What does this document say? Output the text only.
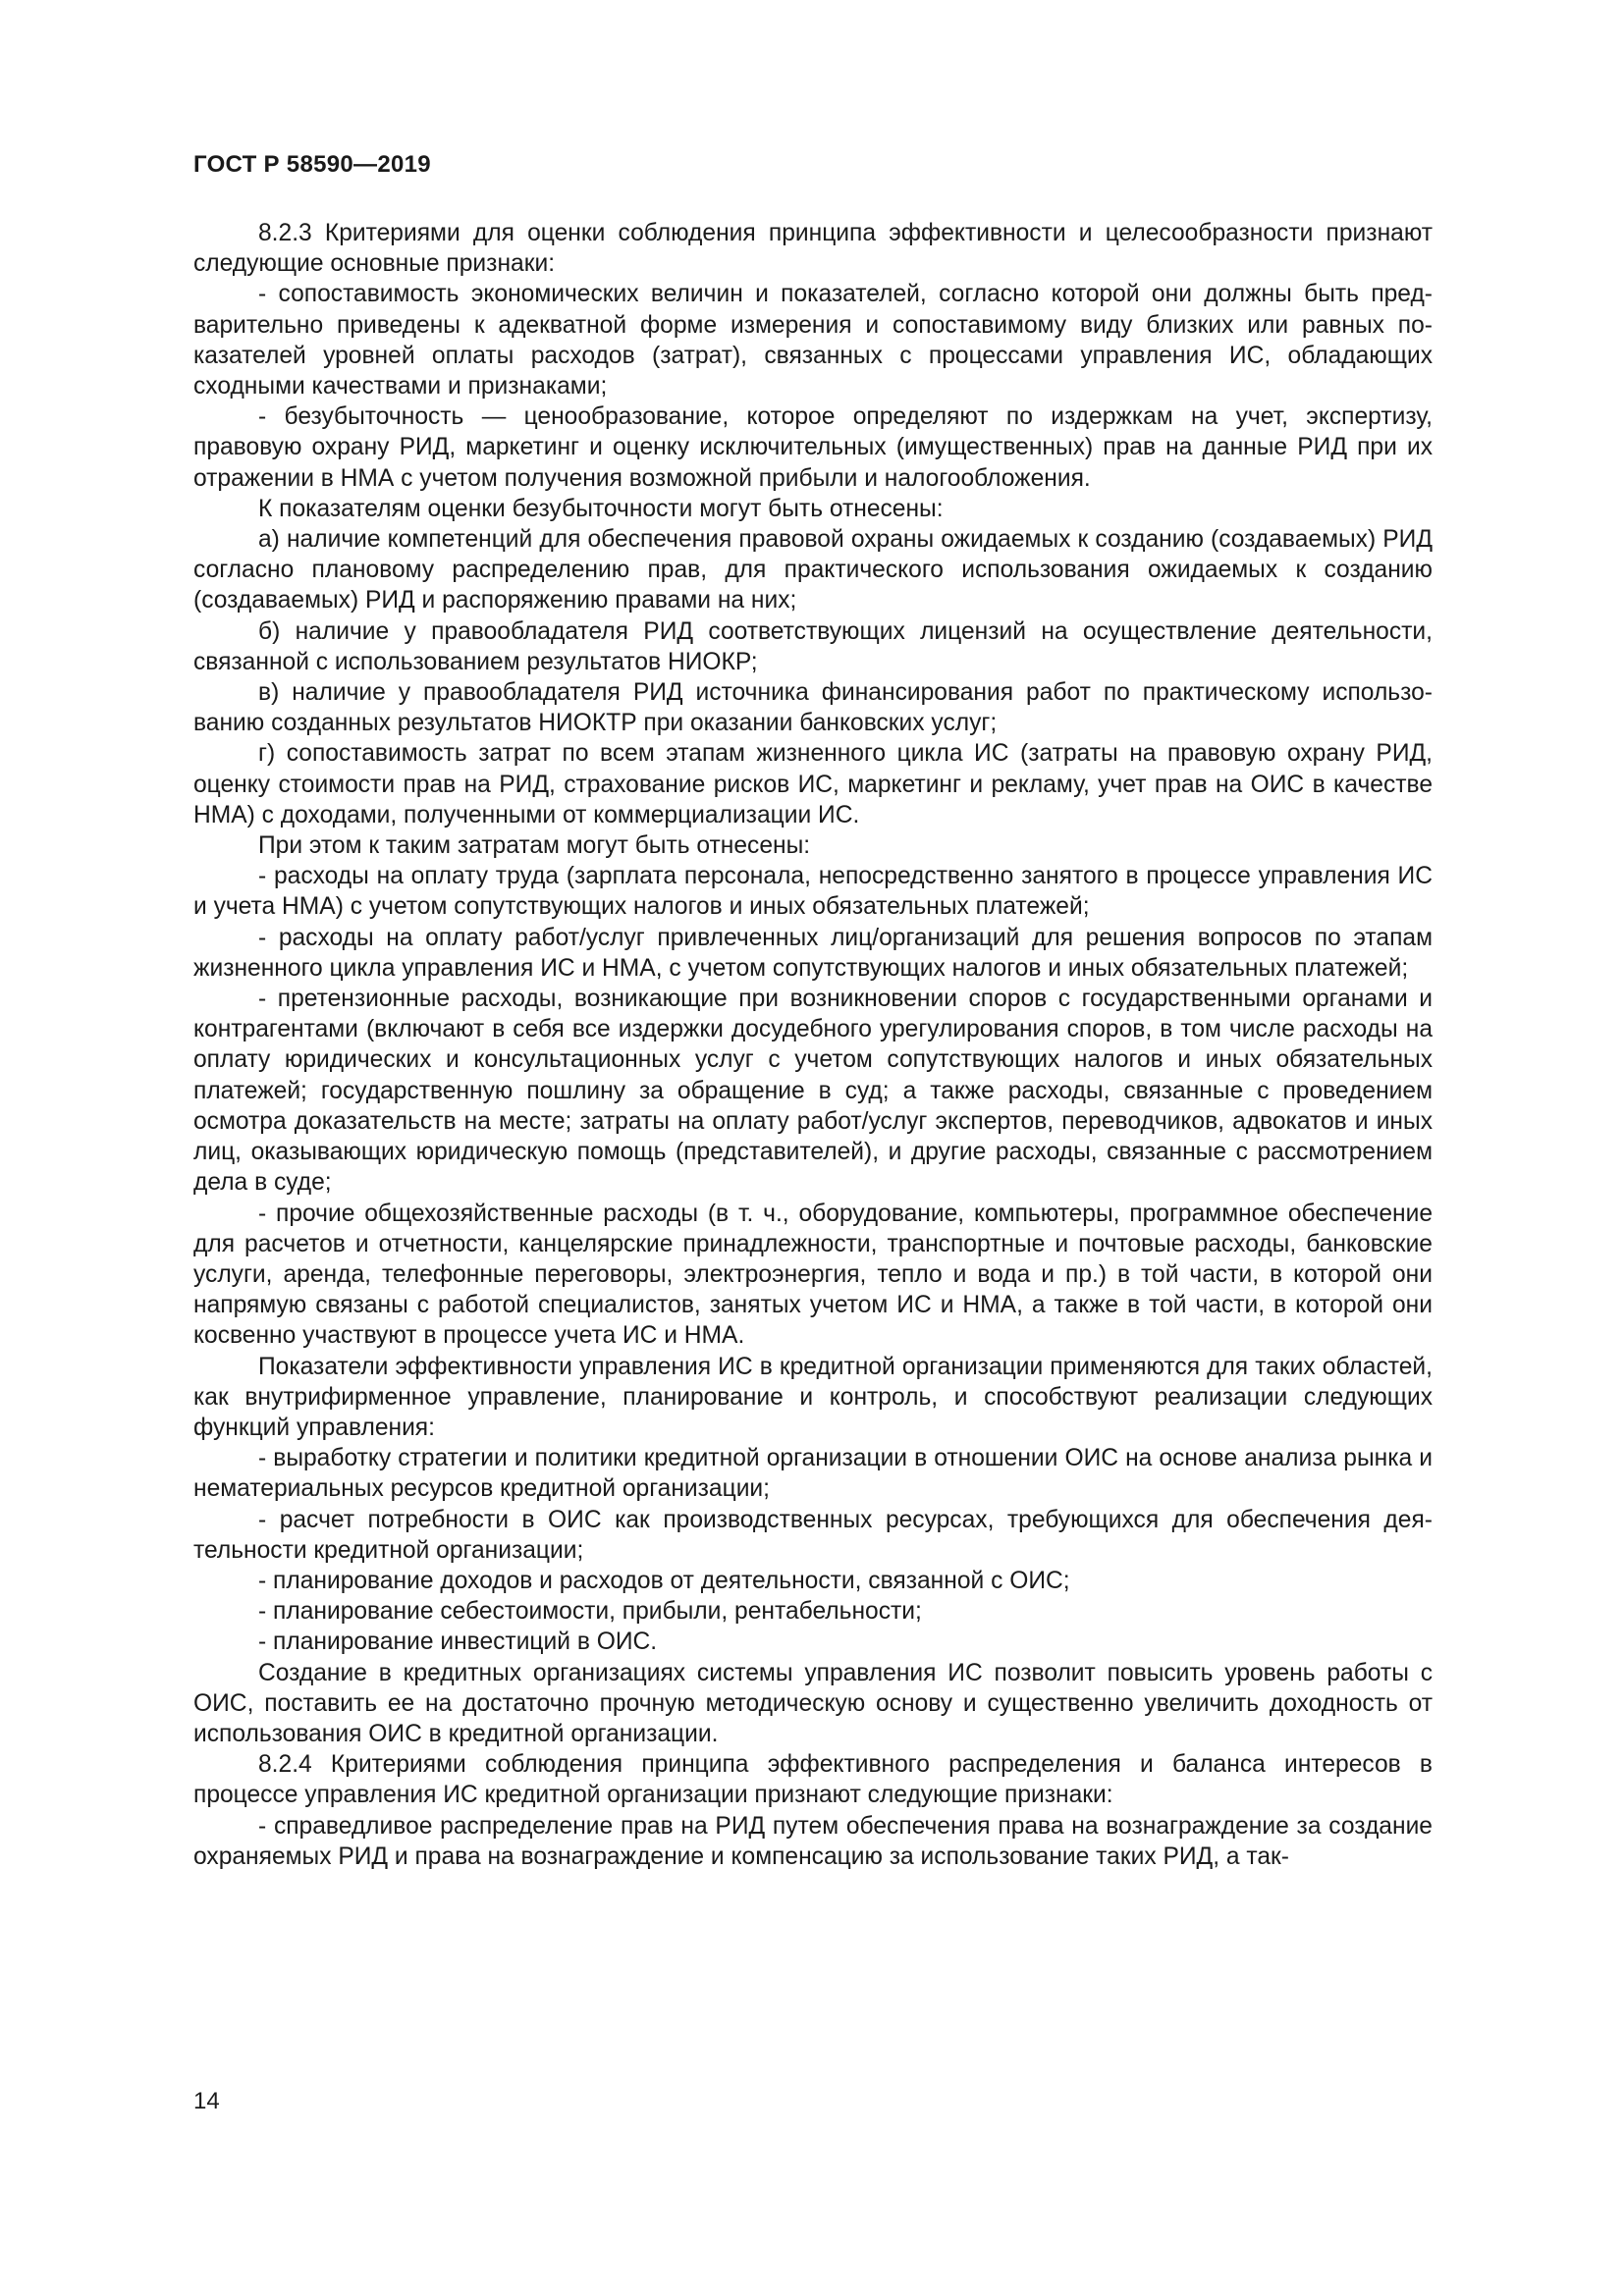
ГОСТ Р 58590—2019

8.2.3 Критериями для оценки соблюдения принципа эффективности и целесообразности признают следующие основные признаки:

- сопоставимость экономических величин и показателей, согласно которой они должны быть предварительно приведены к адекватной форме измерения и сопоставимому виду близких или равных показателей уровней оплаты расходов (затрат), связанных с процессами управления ИС, обладающих сходными качествами и признаками;

- безубыточность — ценообразование, которое определяют по издержкам на учет, экспертизу, правовую охрану РИД, маркетинг и оценку исключительных (имущественных) прав на данные РИД при их отражении в НМА с учетом получения возможной прибыли и налогообложения.

К показателям оценки безубыточности могут быть отнесены:

а) наличие компетенций для обеспечения правовой охраны ожидаемых к созданию (создаваемых) РИД согласно плановому распределению прав, для практического использования ожидаемых к созданию (создаваемых) РИД и распоряжению правами на них;

б) наличие у правообладателя РИД соответствующих лицензий на осуществление деятельности, связанной с использованием результатов НИОКР;

в) наличие у правообладателя РИД источника финансирования работ по практическому использованию созданных результатов НИОКТР при оказании банковских услуг;

г) сопоставимость затрат по всем этапам жизненного цикла ИС (затраты на правовую охрану РИД, оценку стоимости прав на РИД, страхование рисков ИС, маркетинг и рекламу, учет прав на ОИС в качестве НМА) с доходами, полученными от коммерциализации ИС.

При этом к таким затратам могут быть отнесены:

- расходы на оплату труда (зарплата персонала, непосредственно занятого в процессе управления ИС и учета НМА) с учетом сопутствующих налогов и иных обязательных платежей;

- расходы на оплату работ/услуг привлеченных лиц/организаций для решения вопросов по этапам жизненного цикла управления ИС и НМА, с учетом сопутствующих налогов и иных обязательных платежей;

- претензионные расходы, возникающие при возникновении споров с государственными органами и контрагентами (включают в себя все издержки досудебного урегулирования споров, в том числе расходы на оплату юридических и консультационных услуг с учетом сопутствующих налогов и иных обязательных платежей; государственную пошлину за обращение в суд; а также расходы, связанные с проведением осмотра доказательств на месте; затраты на оплату работ/услуг экспертов, переводчиков, адвокатов и иных лиц, оказывающих юридическую помощь (представителей), и другие расходы, связанные с рассмотрением дела в суде;

- прочие общехозяйственные расходы (в т. ч., оборудование, компьютеры, программное обеспечение для расчетов и отчетности, канцелярские принадлежности, транспортные и почтовые расходы, банковские услуги, аренда, телефонные переговоры, электроэнергия, тепло и вода и пр.) в той части, в которой они напрямую связаны с работой специалистов, занятых учетом ИС и НМА, а также в той части, в которой они косвенно участвуют в процессе учета ИС и НМА.

Показатели эффективности управления ИС в кредитной организации применяются для таких областей, как внутрифирменное управление, планирование и контроль, и способствуют реализации следующих функций управления:

- выработку стратегии и политики кредитной организации в отношении ОИС на основе анализа рынка и нематериальных ресурсов кредитной организации;

- расчет потребности в ОИС как производственных ресурсах, требующихся для обеспечения деятельности кредитной организации;

- планирование доходов и расходов от деятельности, связанной с ОИС;

- планирование себестоимости, прибыли, рентабельности;

- планирование инвестиций в ОИС.

Создание в кредитных организациях системы управления ИС позволит повысить уровень работы с ОИС, поставить ее на достаточно прочную методическую основу и существенно увеличить доходность от использования ОИС в кредитной организации.

8.2.4 Критериями соблюдения принципа эффективного распределения и баланса интересов в процессе управления ИС кредитной организации признают следующие признаки:

- справедливое распределение прав на РИД путем обеспечения права на вознаграждение за создание охраняемых РИД и права на вознаграждение и компенсацию за использование таких РИД, а так-

14
